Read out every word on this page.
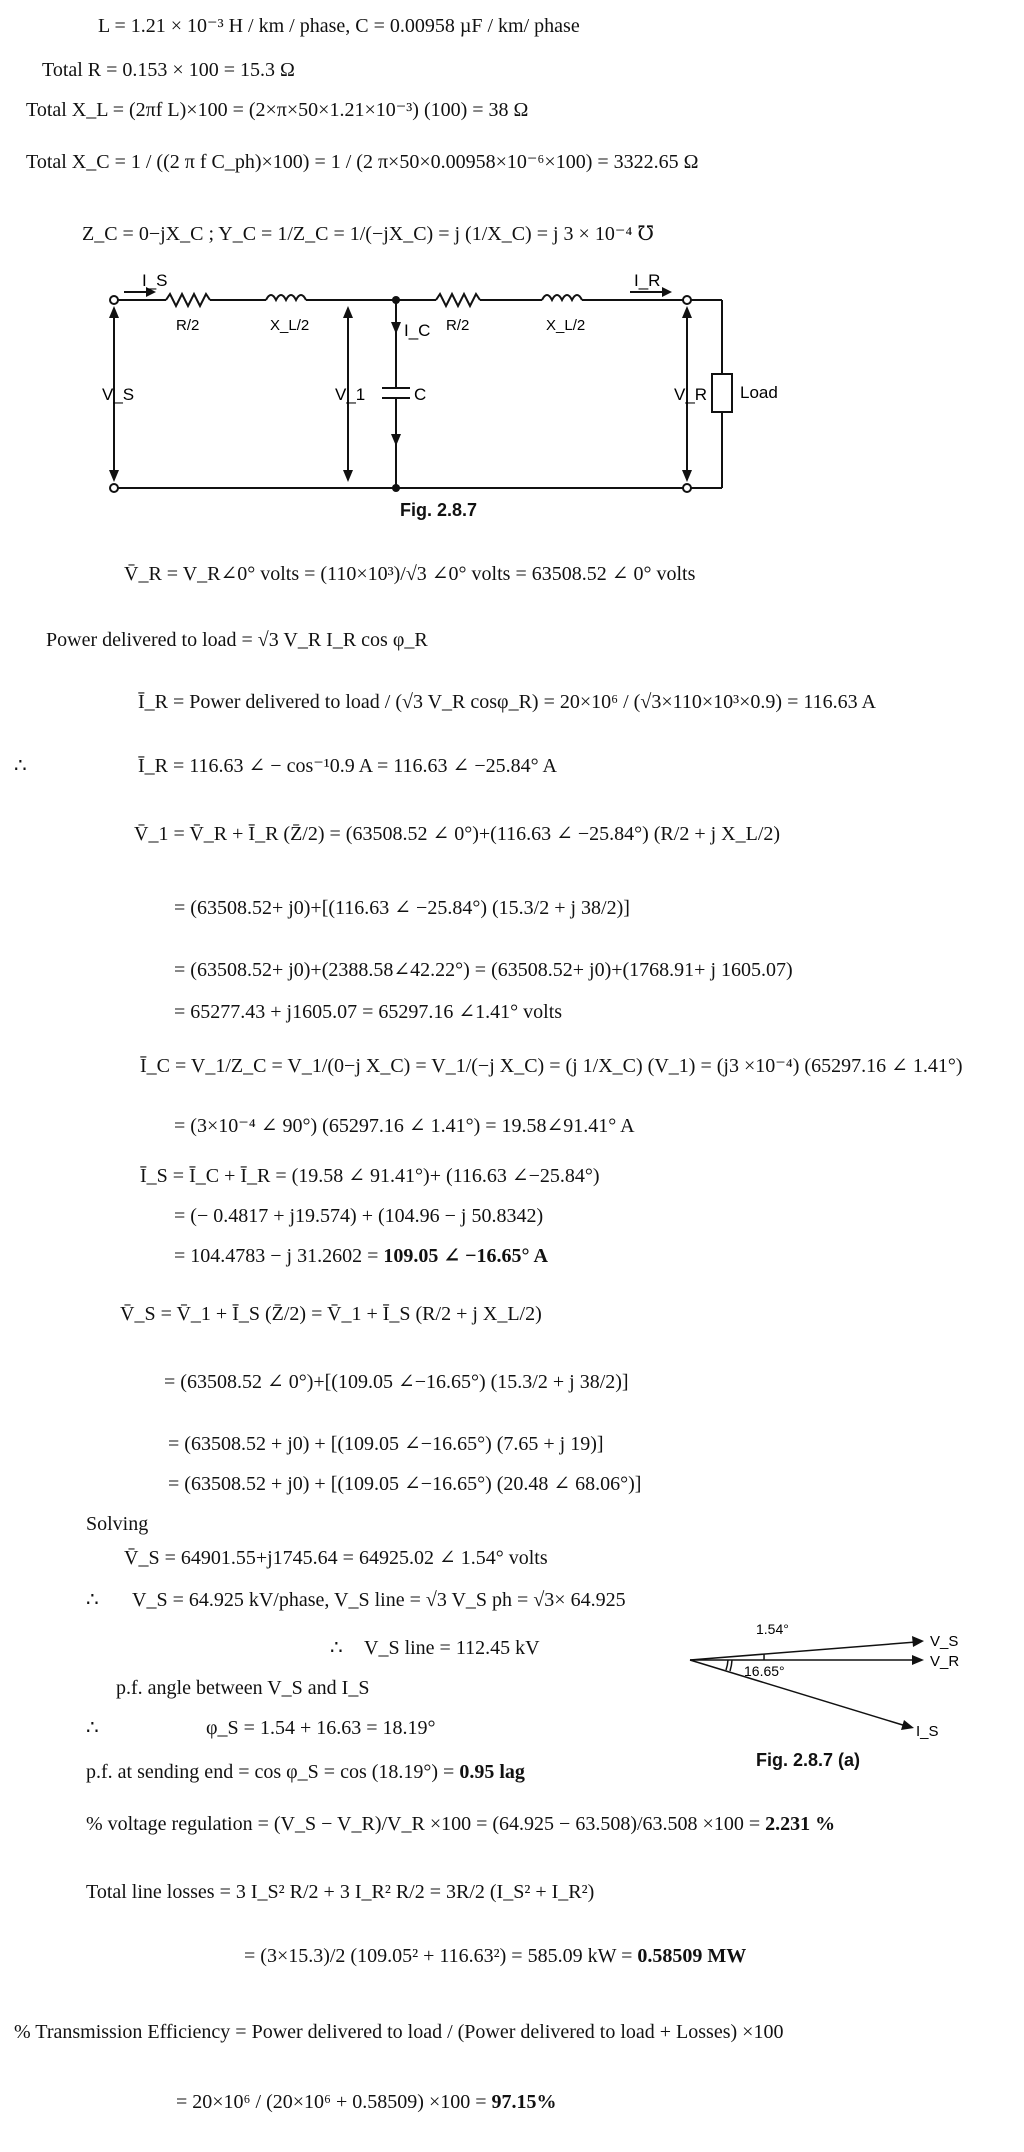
L = 1.21 × 10⁻³ H / km / phase, C = 0.00958 µF / km/ phase
Total R = 0.153 × 100 = 15.3 Ω
Total X_L = (2πf L)×100 = (2×π×50×1.21×10⁻³) (100) = 38 Ω
Total X_C = 1 / ((2 π f C_ph)×100) = 1 / (2 π×50×0.00958×10⁻⁶×100) = 3322.65 Ω
Z_C = 0−jX_C ; Y_C = 1/Z_C = 1/(−jX_C) = j (1/X_C) = j 3 × 10⁻⁴ ℧
I_S	I_R
I_C
C
V_S	V_1	V_R Load
R/2	X_L/2	R/2	X_L/2
Fig. 2.8.7
V̄_R = V_R∠0° volts = (110×10³)/√3 ∠0° volts = 63508.52 ∠ 0° volts
Power delivered to load = √3 V_R I_R cos φ_R
Ī_R = Power delivered to load / (√3 V_R cosφ_R) = 20×10⁶ / (√3×110×10³×0.9) = 116.63 A
∴	Ī_R = 116.63 ∠ − cos⁻¹0.9 A = 116.63 ∠ −25.84° A
V̄_1 = V̄_R + Ī_R (Z̄/2) = (63508.52 ∠ 0°)+(116.63 ∠ −25.84°) (R/2 + j X_L/2)
= (63508.52+ j0)+[(116.63 ∠ −25.84°) (15.3/2 + j 38/2)]
= (63508.52+ j0)+(2388.58∠42.22°) = (63508.52+ j0)+(1768.91+ j 1605.07)
= 65277.43 + j1605.07 = 65297.16 ∠1.41° volts
Ī_C = V_1/Z_C = V_1/(0−j X_C) = V_1/(−j X_C) = (j 1/X_C) (V_1) = (j3 ×10⁻⁴) (65297.16 ∠ 1.41°)
= (3×10⁻⁴ ∠ 90°) (65297.16 ∠ 1.41°) = 19.58∠91.41° A
Ī_S = Ī_C + Ī_R = (19.58 ∠ 91.41°)+ (116.63 ∠−25.84°)
= (− 0.4817 + j19.574) + (104.96 − j 50.8342)
= 104.4783 − j 31.2602 = 109.05 ∠ −16.65° A
V̄_S = V̄_1 + Ī_S (Z̄/2) = V̄_1 + Ī_S (R/2 + j X_L/2)
= (63508.52 ∠ 0°)+[(109.05 ∠−16.65°) (15.3/2 + j 38/2)]
= (63508.52 + j0) + [(109.05 ∠−16.65°) (7.65 + j 19)]
= (63508.52 + j0) + [(109.05 ∠−16.65°) (20.48 ∠ 68.06°)]
Solving
V̄_S = 64901.55+j1745.64 = 64925.02 ∠ 1.54° volts
∴ V_S = 64.925 kV/phase, V_S line = √3 V_S ph = √3× 64.925
∴ V_S line = 112.45 kV
p.f. angle between V_S and I_S
∴	φ_S = 1.54 + 16.63 = 18.19°
p.f. at sending end = cos φ_S = cos (18.19°) = 0.95 lag
% voltage regulation = (V_S − V_R)/V_R ×100 = (64.925 − 63.508)/63.508 ×100 = 2.231 %
Total line losses = 3 I_S² R/2 + 3 I_R² R/2 = 3R/2 (I_S² + I_R²)
= (3×15.3)/2 (109.05² + 116.63²) = 585.09 kW = 0.58509 MW
% Transmission Efficiency = Power delivered to load / (Power delivered to load + Losses) ×100
= 20×10⁶ / (20×10⁶ + 0.58509) ×100 = 97.15%
1.54°
16.65°
V_S
V_R
I_S
Fig. 2.8.7 (a)
